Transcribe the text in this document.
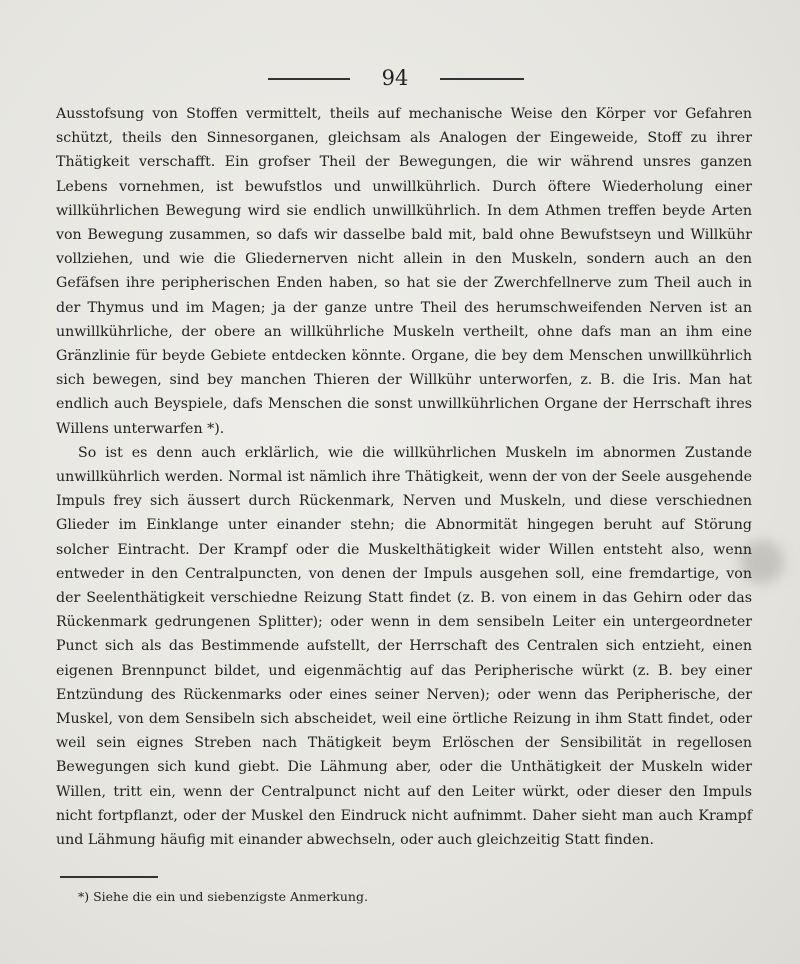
94

Ausstofsung von Stoffen vermittelt, theils auf mechanische Weise den Körper vor Gefahren schützt, theils den Sinnesorganen, gleichsam als Analogen der Eingeweide, Stoff zu ihrer Thätigkeit verschafft. Ein grofser Theil der Bewegungen, die wir während unsres ganzen Lebens vornehmen, ist bewufstlos und unwillkührlich. Durch öftere Wiederholung einer willkührlichen Bewegung wird sie endlich unwillkührlich. In dem Athmen treffen beyde Arten von Bewegung zusammen, so dafs wir dasselbe bald mit, bald ohne Bewufstseyn und Willkühr vollziehen, und wie die Gliedernerven nicht allein in den Muskeln, sondern auch an den Gefäfsen ihre peripherischen Enden haben, so hat sie der Zwerchfellnerve zum Theil auch in der Thymus und im Magen; ja der ganze untre Theil des herumschweifenden Nerven ist an unwillkührliche, der obere an willkührliche Muskeln vertheilt, ohne dafs man an ihm eine Gränzlinie für beyde Gebiete entdecken könnte. Organe, die bey dem Menschen unwillkührlich sich bewegen, sind bey manchen Thieren der Willkühr unterworfen, z. B. die Iris. Man hat endlich auch Beyspiele, dafs Menschen die sonst unwillkührlichen Organe der Herrschaft ihres Willens unterwarfen *).

So ist es denn auch erklärlich, wie die willkührlichen Muskeln im abnormen Zustande unwillkührlich werden. Normal ist nämlich ihre Thätigkeit, wenn der von der Seele ausgehende Impuls frey sich äussert durch Rückenmark, Nerven und Muskeln, und diese verschiednen Glieder im Einklange unter einander stehn; die Abnormität hingegen beruht auf Störung solcher Eintracht. Der Krampf oder die Muskelthätigkeit wider Willen entsteht also, wenn entweder in den Centralpuncten, von denen der Impuls ausgehen soll, eine fremdartige, von der Seelenthätigkeit verschiedne Reizung Statt findet (z. B. von einem in das Gehirn oder das Rückenmark gedrungenen Splitter); oder wenn in dem sensibeln Leiter ein untergeordneter Punct sich als das Bestimmende aufstellt, der Herrschaft des Centralen sich entzieht, einen eigenen Brennpunct bildet, und eigenmächtig auf das Peripherische würkt (z. B. bey einer Entzündung des Rückenmarks oder eines seiner Nerven); oder wenn das Peripherische, der Muskel, von dem Sensibeln sich abscheidet, weil eine örtliche Reizung in ihm Statt findet, oder weil sein eignes Streben nach Thätigkeit beym Erlöschen der Sensibilität in regellosen Bewegungen sich kund giebt. Die Lähmung aber, oder die Unthätigkeit der Muskeln wider Willen, tritt ein, wenn der Centralpunct nicht auf den Leiter würkt, oder dieser den Impuls nicht fortpflanzt, oder der Muskel den Eindruck nicht aufnimmt. Daher sieht man auch Krampf und Lähmung häufig mit einander abwechseln, oder auch gleichzeitig Statt finden.

*) Siehe die ein und siebenzigste Anmerkung.
